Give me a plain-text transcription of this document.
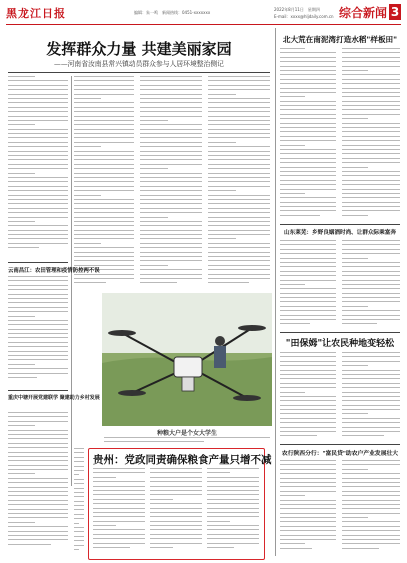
黑龙江日报	编辑：朱一鸣　新闻热线：0451-xxxxxxx
2022年8月11日　星期四
E-mail：xxxx@hljdaily.com.cn 综合新闻 3
发挥群众力量 共建美丽家园
——河南省汝南县常兴镇动员群众参与人居环境整治侧记
云南昌江：农田管理和疫情防控两不误
重庆中塘开展党建联学 聚建助力乡村发展
种粮大户是个女大学生
贵州：党政同责确保粮食产量只增不减
北大荒在南泥湾打造水稻"样板田"
山东莱芜：乡野良姻酒时尚、让群众际乘富奔
"田保姆"让农民种地变轻松
农行陕西分行："富民贷"助农户产业发展壮大
